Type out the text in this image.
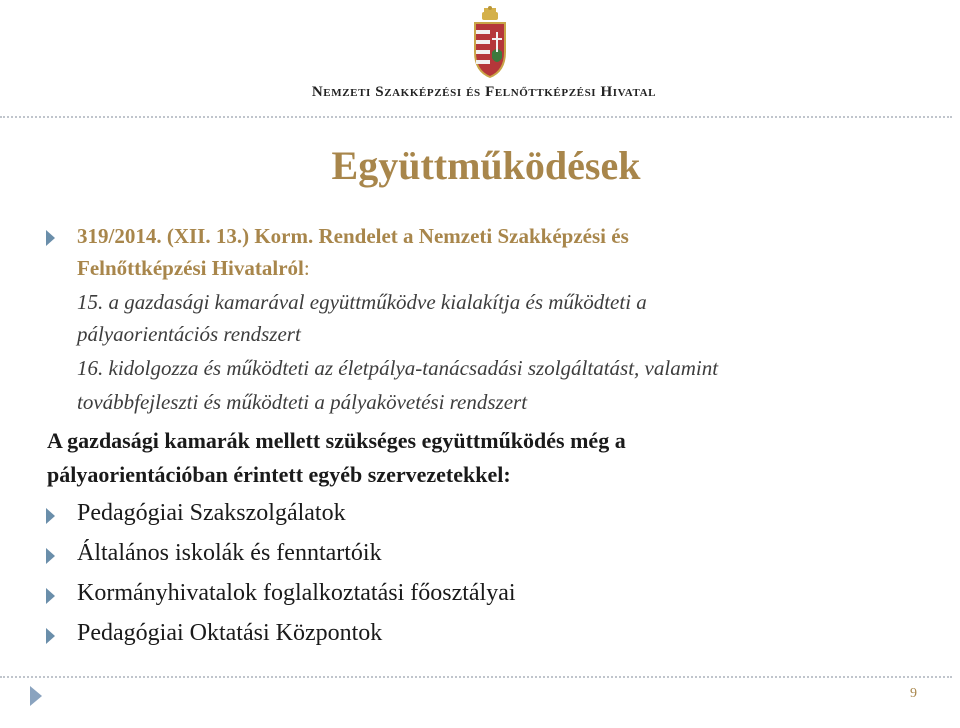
Nemzeti Szakképzési és Felnőttképzési Hivatal
Együttműködések
319/2014. (XII. 13.) Korm. Rendelet a Nemzeti Szakképzési és
Felnőttképzési Hivatalról:
15. a gazdasági kamarával együttműködve kialakítja és működteti a
pályaorientációs rendszert
16. kidolgozza és működteti az életpálya-tanácsadási szolgáltatást, valamint
továbbfejleszti és működteti a pályakövetési rendszert
A gazdasági kamarák mellett szükséges együttműködés még a
pályaorientációban érintett egyéb szervezetekkel:
Pedagógiai Szakszolgálatok
Általános iskolák és fenntartóik
Kormányhivatalok foglalkoztatási főosztályai
Pedagógiai Oktatási Központok
9
